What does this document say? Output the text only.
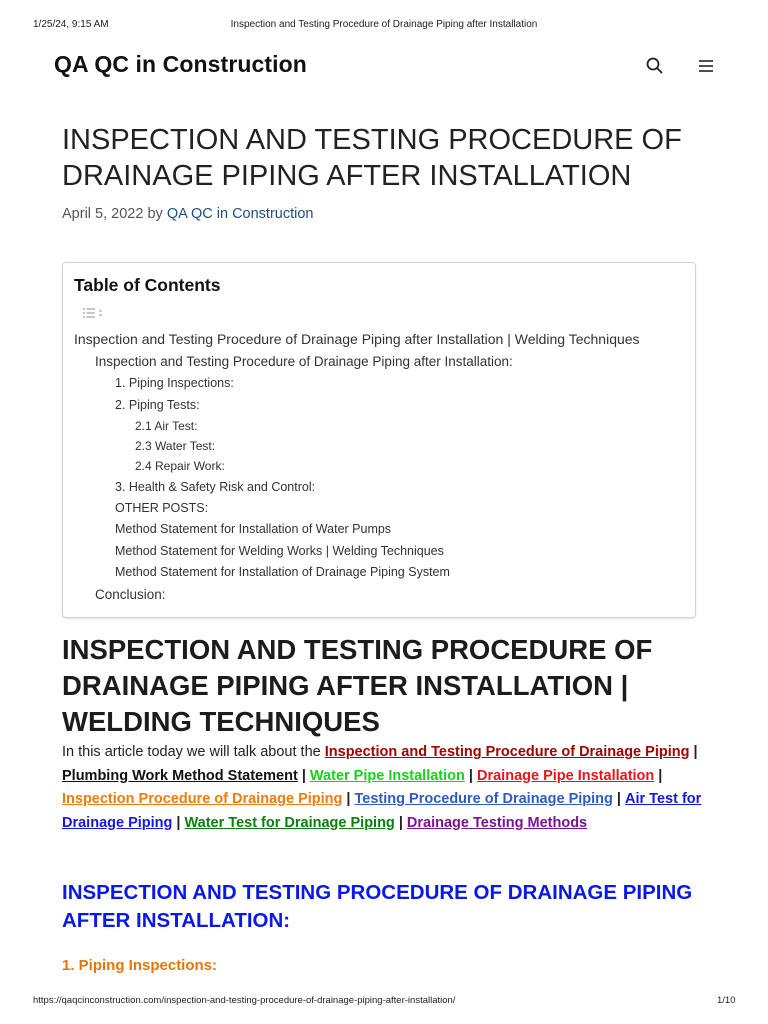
1/25/24, 9:15 AM	Inspection and Testing Procedure of Drainage Piping after Installation
QA QC in Construction
INSPECTION AND TESTING PROCEDURE OF DRAINAGE PIPING AFTER INSTALLATION
April 5, 2022 by QA QC in Construction
Table of Contents
Inspection and Testing Procedure of Drainage Piping after Installation | Welding Techniques
Inspection and Testing Procedure of Drainage Piping after Installation:
1. Piping Inspections:
2. Piping Tests:
2.1 Air Test:
2.3 Water Test:
2.4 Repair Work:
3. Health & Safety Risk and Control:
OTHER POSTS:
Method Statement for Installation of Water Pumps
Method Statement for Welding Works | Welding Techniques
Method Statement for Installation of Drainage Piping System
Conclusion:
INSPECTION AND TESTING PROCEDURE OF DRAINAGE PIPING AFTER INSTALLATION | WELDING TECHNIQUES

In this article today we will talk about the Inspection and Testing Procedure of Drainage Piping | Plumbing Work Method Statement | Water Pipe Installation | Drainage Pipe Installation | Inspection Procedure of Drainage Piping | Testing Procedure of Drainage Piping | Air Test for Drainage Piping | Water Test for Drainage Piping | Drainage Testing Methods

INSPECTION AND TESTING PROCEDURE OF DRAINAGE PIPING AFTER INSTALLATION:
1. Piping Inspections:
https://qaqcinconstruction.com/inspection-and-testing-procedure-of-drainage-piping-after-installation/	1/10
